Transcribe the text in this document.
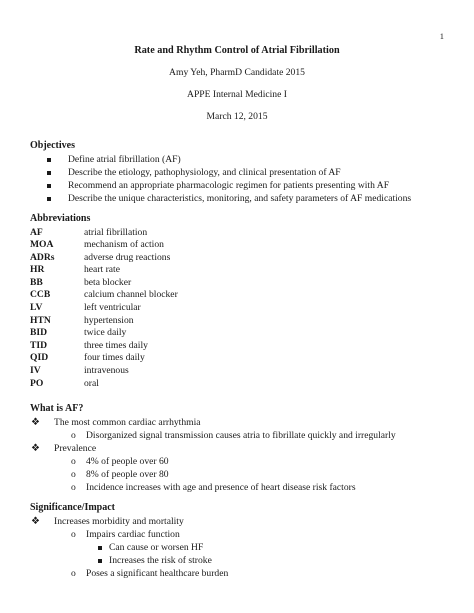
1
Rate and Rhythm Control of Atrial Fibrillation
Amy Yeh, PharmD Candidate 2015
APPE Internal Medicine I
March 12, 2015
Objectives
Define atrial fibrillation (AF)
Describe the etiology, pathophysiology, and clinical presentation of AF
Recommend an appropriate pharmacologic regimen for patients presenting with AF
Describe the unique characteristics, monitoring, and safety parameters of AF medications
Abbreviations
AF	atrial fibrillation
MOA	mechanism of action
ADRs	adverse drug reactions
HR	heart rate
BB	beta blocker
CCB	calcium channel blocker
LV	left ventricular
HTN	hypertension
BID	twice daily
TID	three times daily
QID	four times daily
IV	intravenous
PO	oral
What is AF?
❖ The most common cardiac arrhythmia
o Disorganized signal transmission causes atria to fibrillate quickly and irregularly
❖ Prevalence
o 4% of people over 60
o 8% of people over 80
o Incidence increases with age and presence of heart disease risk factors
Significance/Impact
❖ Increases morbidity and mortality
o Impairs cardiac function
Can cause or worsen HF
Increases the risk of stroke
o Poses a significant healthcare burden
